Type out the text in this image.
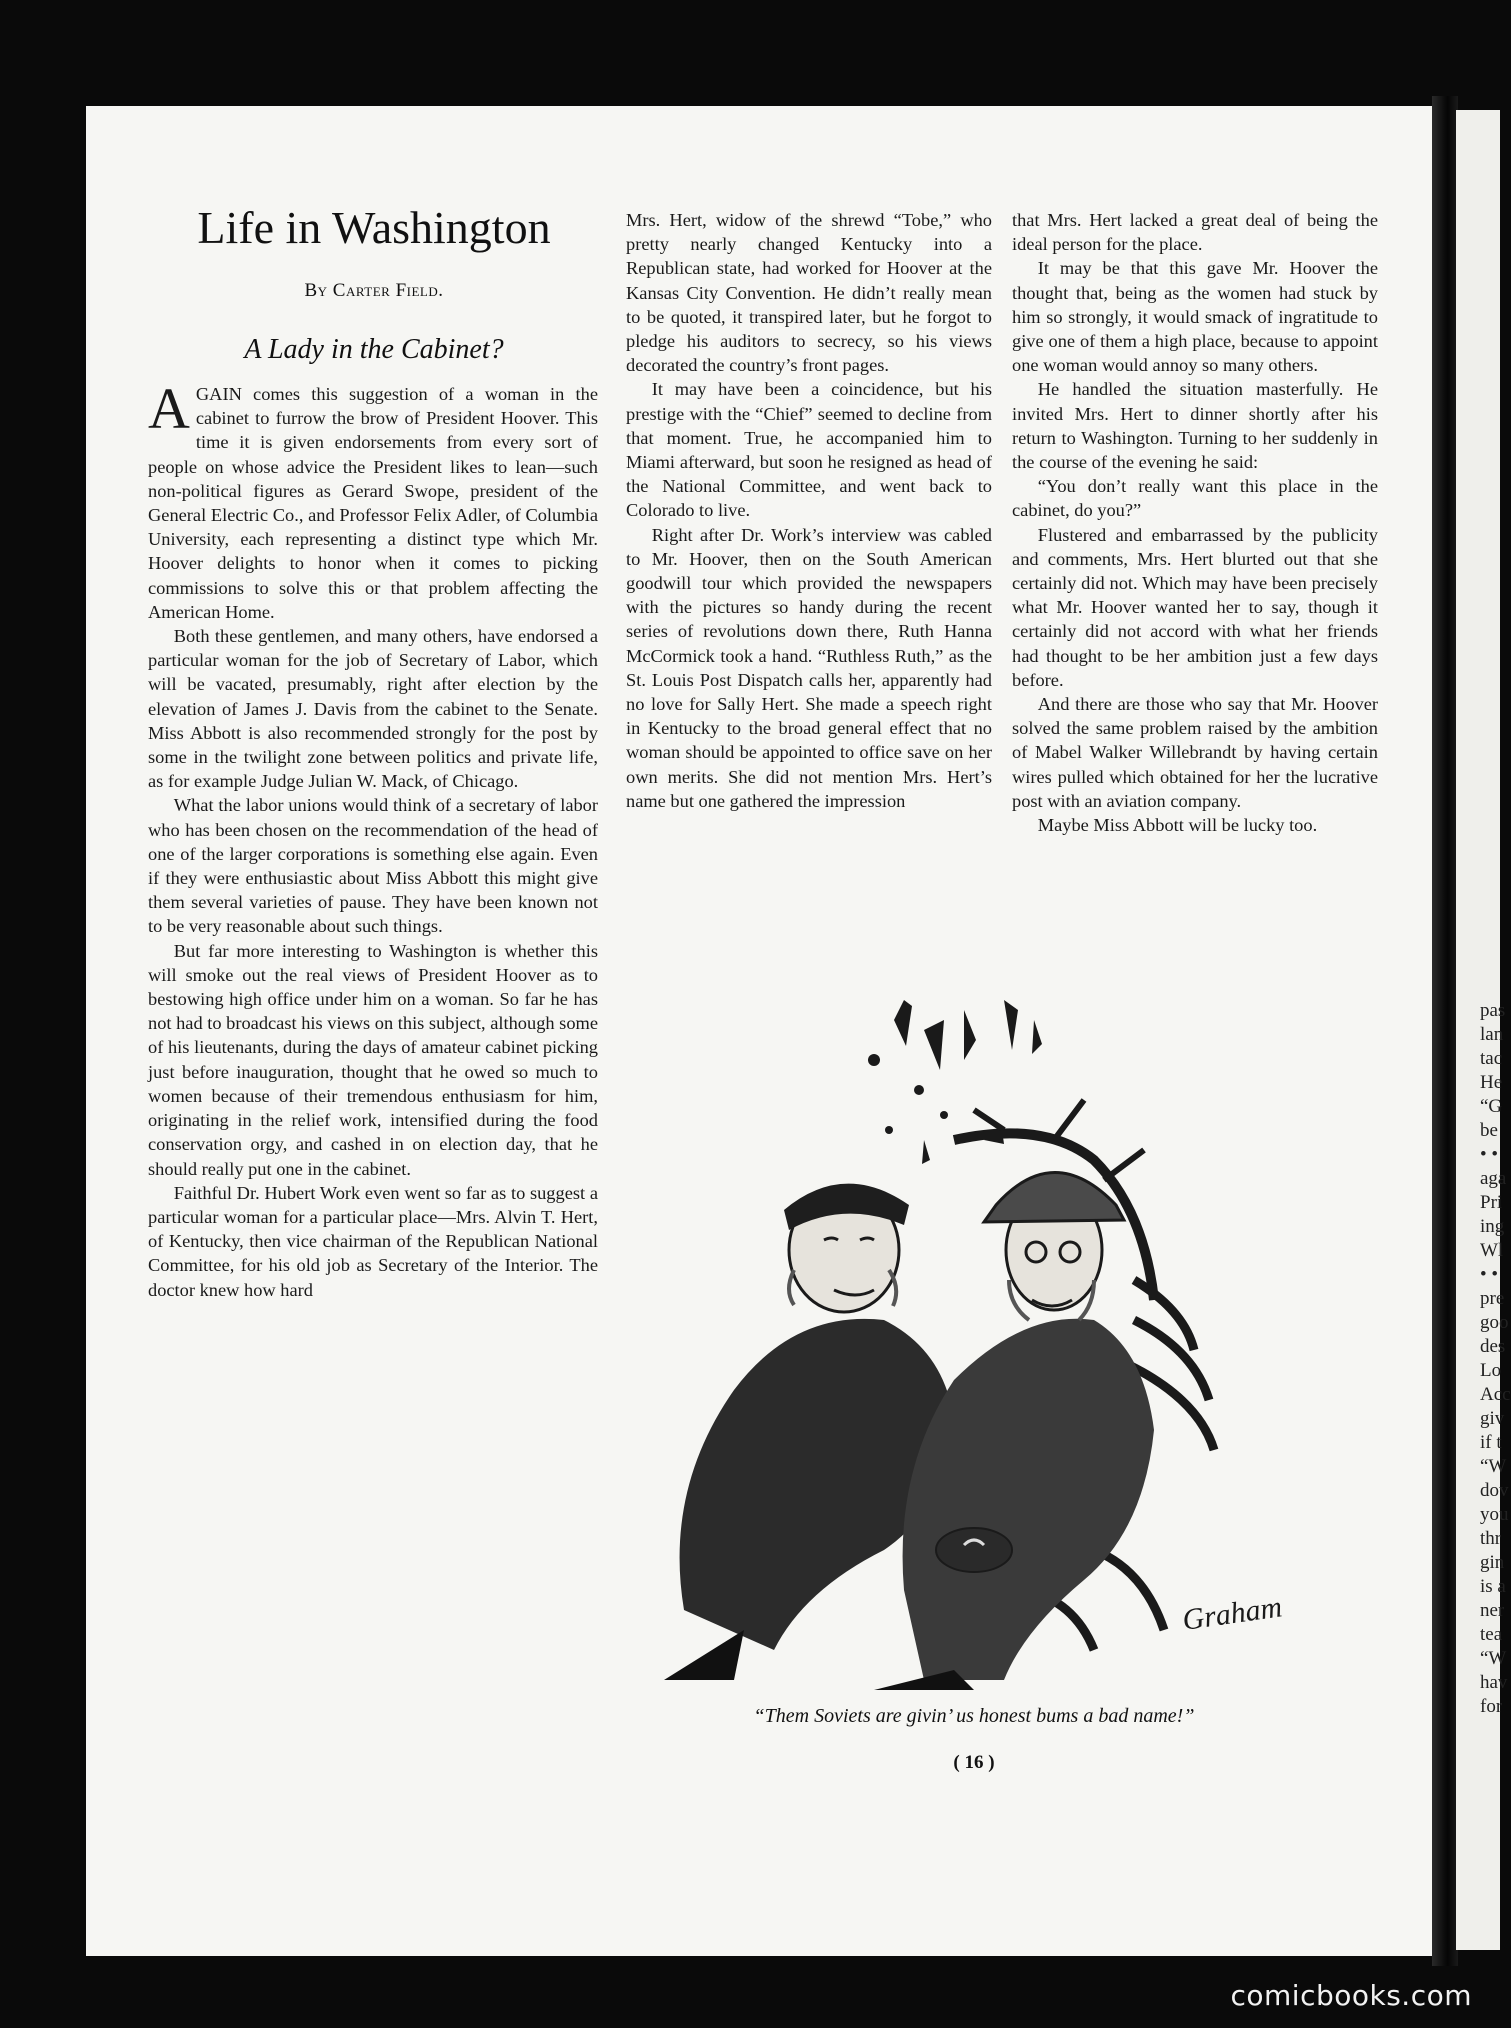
pas
lan
tac
He
“G
be
• •
aga
Pri
ing
Wl
• •
pre
goo
des
Lo
Acc
giv
if t
“W
dov
you
thr
gin
is a
ner
tea
“W
hav
for
Life in Washington
By Carter Field.
A Lady in the Cabinet?

AGAIN comes this suggestion of a woman in the cabinet to furrow the brow of President Hoover. This time it is given endorsements from every sort of people on whose advice the President likes to lean—such non-political figures as Gerard Swope, president of the General Electric Co., and Professor Felix Adler, of Columbia University, each representing a distinct type which Mr. Hoover delights to honor when it comes to picking commissions to solve this or that problem affecting the American Home.

Both these gentlemen, and many others, have endorsed a particular woman for the job of Secretary of Labor, which will be vacated, presumably, right after election by the elevation of James J. Davis from the cabinet to the Senate. Miss Abbott is also recommended strongly for the post by some in the twilight zone between politics and private life, as for example Judge Julian W. Mack, of Chicago.

What the labor unions would think of a secretary of labor who has been chosen on the recommendation of the head of one of the larger corporations is something else again. Even if they were enthusiastic about Miss Abbott this might give them several varieties of pause. They have been known not to be very reasonable about such things.

But far more interesting to Washington is whether this will smoke out the real views of President Hoover as to bestowing high office under him on a woman. So far he has not had to broadcast his views on this subject, although some of his lieutenants, during the days of amateur cabinet picking just before inauguration, thought that he owed so much to women because of their tremendous enthusiasm for him, originating in the relief work, intensified during the food conservation orgy, and cashed in on election day, that he should really put one in the cabinet.

Faithful Dr. Hubert Work even went so far as to suggest a particular woman for a particular place—Mrs. Alvin T. Hert, of Kentucky, then vice chairman of the Republican National Committee, for his old job as Secretary of the Interior. The doctor knew how hard

Mrs. Hert, widow of the shrewd “Tobe,” who pretty nearly changed Kentucky into a Republican state, had worked for Hoover at the Kansas City Convention. He didn’t really mean to be quoted, it transpired later, but he forgot to pledge his auditors to secrecy, so his views decorated the country’s front pages.

It may have been a coincidence, but his prestige with the “Chief” seemed to decline from that moment. True, he accompanied him to Miami afterward, but soon he resigned as head of the National Committee, and went back to Colorado to live.

Right after Dr. Work’s interview was cabled to Mr. Hoover, then on the South American goodwill tour which provided the newspapers with the pictures so handy during the recent series of revolutions down there, Ruth Hanna McCormick took a hand. “Ruthless Ruth,” as the St. Louis Post Dispatch calls her, apparently had no love for Sally Hert. She made a speech right in Kentucky to the broad general effect that no woman should be appointed to office save on her own merits. She did not mention Mrs. Hert’s name but one gathered the impression

that Mrs. Hert lacked a great deal of being the ideal person for the place.

It may be that this gave Mr. Hoover the thought that, being as the women had stuck by him so strongly, it would smack of ingratitude to give one of them a high place, because to appoint one woman would annoy so many others.

He handled the situation masterfully. He invited Mrs. Hert to dinner shortly after his return to Washington. Turning to her suddenly in the course of the evening he said:

“You don’t really want this place in the cabinet, do you?”

Flustered and embarrassed by the publicity and comments, Mrs. Hert blurted out that she certainly did not. Which may have been precisely what Mr. Hoover wanted her to say, though it certainly did not accord with what her friends had thought to be her ambition just a few days before.

And there are those who say that Mr. Hoover solved the same problem raised by the ambition of Mabel Walker Willebrandt by having certain wires pulled which obtained for her the lucrative post with an aviation company.

Maybe Miss Abbott will be lucky too.

Graham
“Them Soviets are givin’ us honest bums a bad name!”
( 16 )
comicbooks.com
